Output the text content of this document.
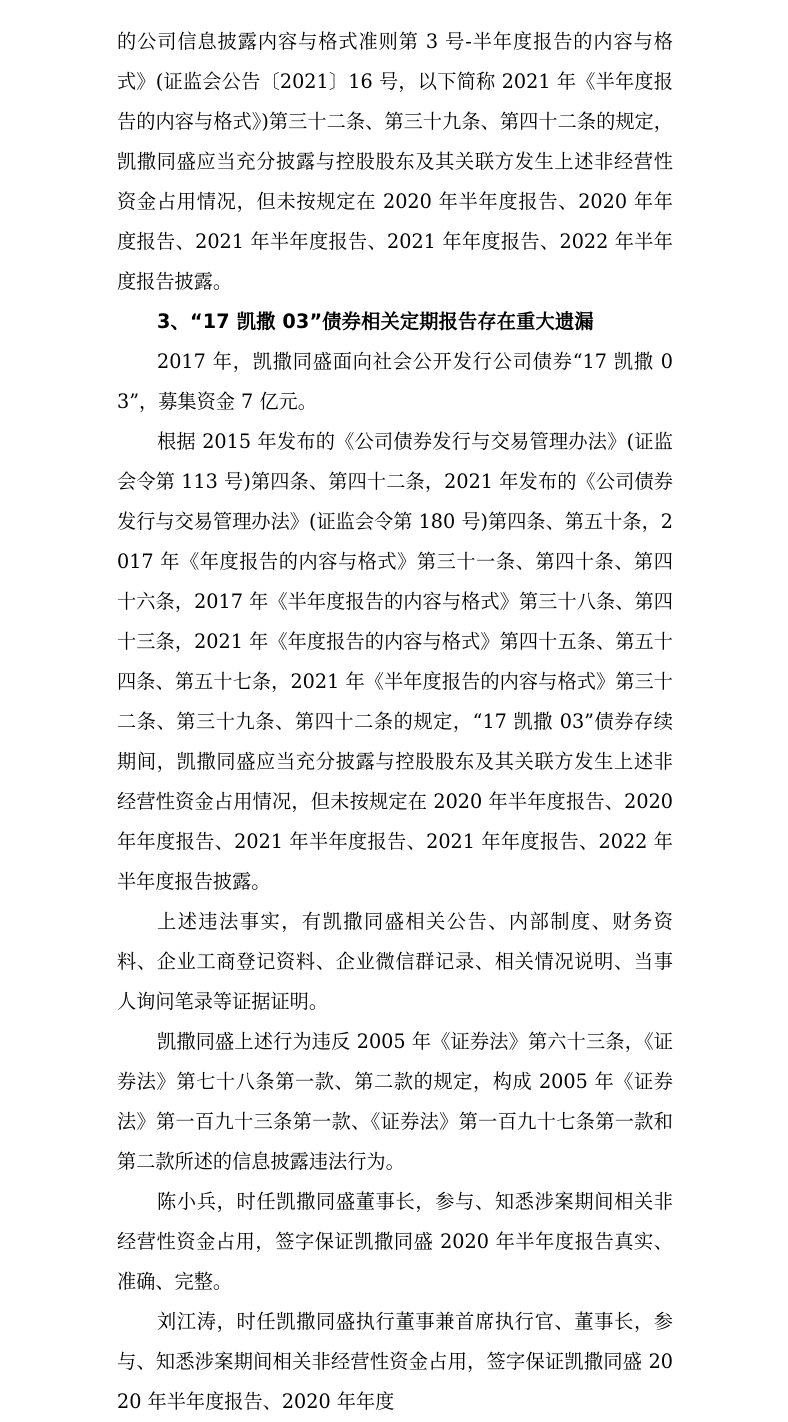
的公司信息披露内容与格式准则第 3 号-半年度报告的内容与格式》(证监会公告〔2021〕16 号，以下简称 2021 年《半年度报告的内容与格式》)第三十二条、第三十九条、第四十二条的规定，凯撒同盛应当充分披露与控股股东及其关联方发生上述非经营性资金占用情况，但未按规定在 2020 年半年度报告、2020 年年度报告、2021 年半年度报告、2021 年年度报告、2022 年半年度报告披露。

3、“17 凯撒 03”债券相关定期报告存在重大遗漏

2017 年，凯撒同盛面向社会公开发行公司债券“17 凯撒 03”，募集资金 7 亿元。

根据 2015 年发布的《公司债券发行与交易管理办法》(证监会令第 113 号)第四条、第四十二条，2021 年发布的《公司债券发行与交易管理办法》(证监会令第 180 号)第四条、第五十条，2017 年《年度报告的内容与格式》第三十一条、第四十条、第四十六条，2017 年《半年度报告的内容与格式》第三十八条、第四十三条，2021 年《年度报告的内容与格式》第四十五条、第五十四条、第五十七条，2021 年《半年度报告的内容与格式》第三十二条、第三十九条、第四十二条的规定，“17 凯撒 03”债券存续期间，凯撒同盛应当充分披露与控股股东及其关联方发生上述非经营性资金占用情况，但未按规定在 2020 年半年度报告、2020 年年度报告、2021 年半年度报告、2021 年年度报告、2022 年半年度报告披露。

上述违法事实，有凯撒同盛相关公告、内部制度、财务资料、企业工商登记资料、企业微信群记录、相关情况说明、当事人询问笔录等证据证明。

凯撒同盛上述行为违反 2005 年《证券法》第六十三条，《证券法》第七十八条第一款、第二款的规定，构成 2005 年《证券法》第一百九十三条第一款、《证券法》第一百九十七条第一款和第二款所述的信息披露违法行为。

陈小兵，时任凯撒同盛董事长，参与、知悉涉案期间相关非经营性资金占用，签字保证凯撒同盛 2020 年半年度报告真实、准确、完整。

刘江涛，时任凯撒同盛执行董事兼首席执行官、董事长，参与、知悉涉案期间相关非经营性资金占用，签字保证凯撒同盛 2020 年半年度报告、2020 年年度
